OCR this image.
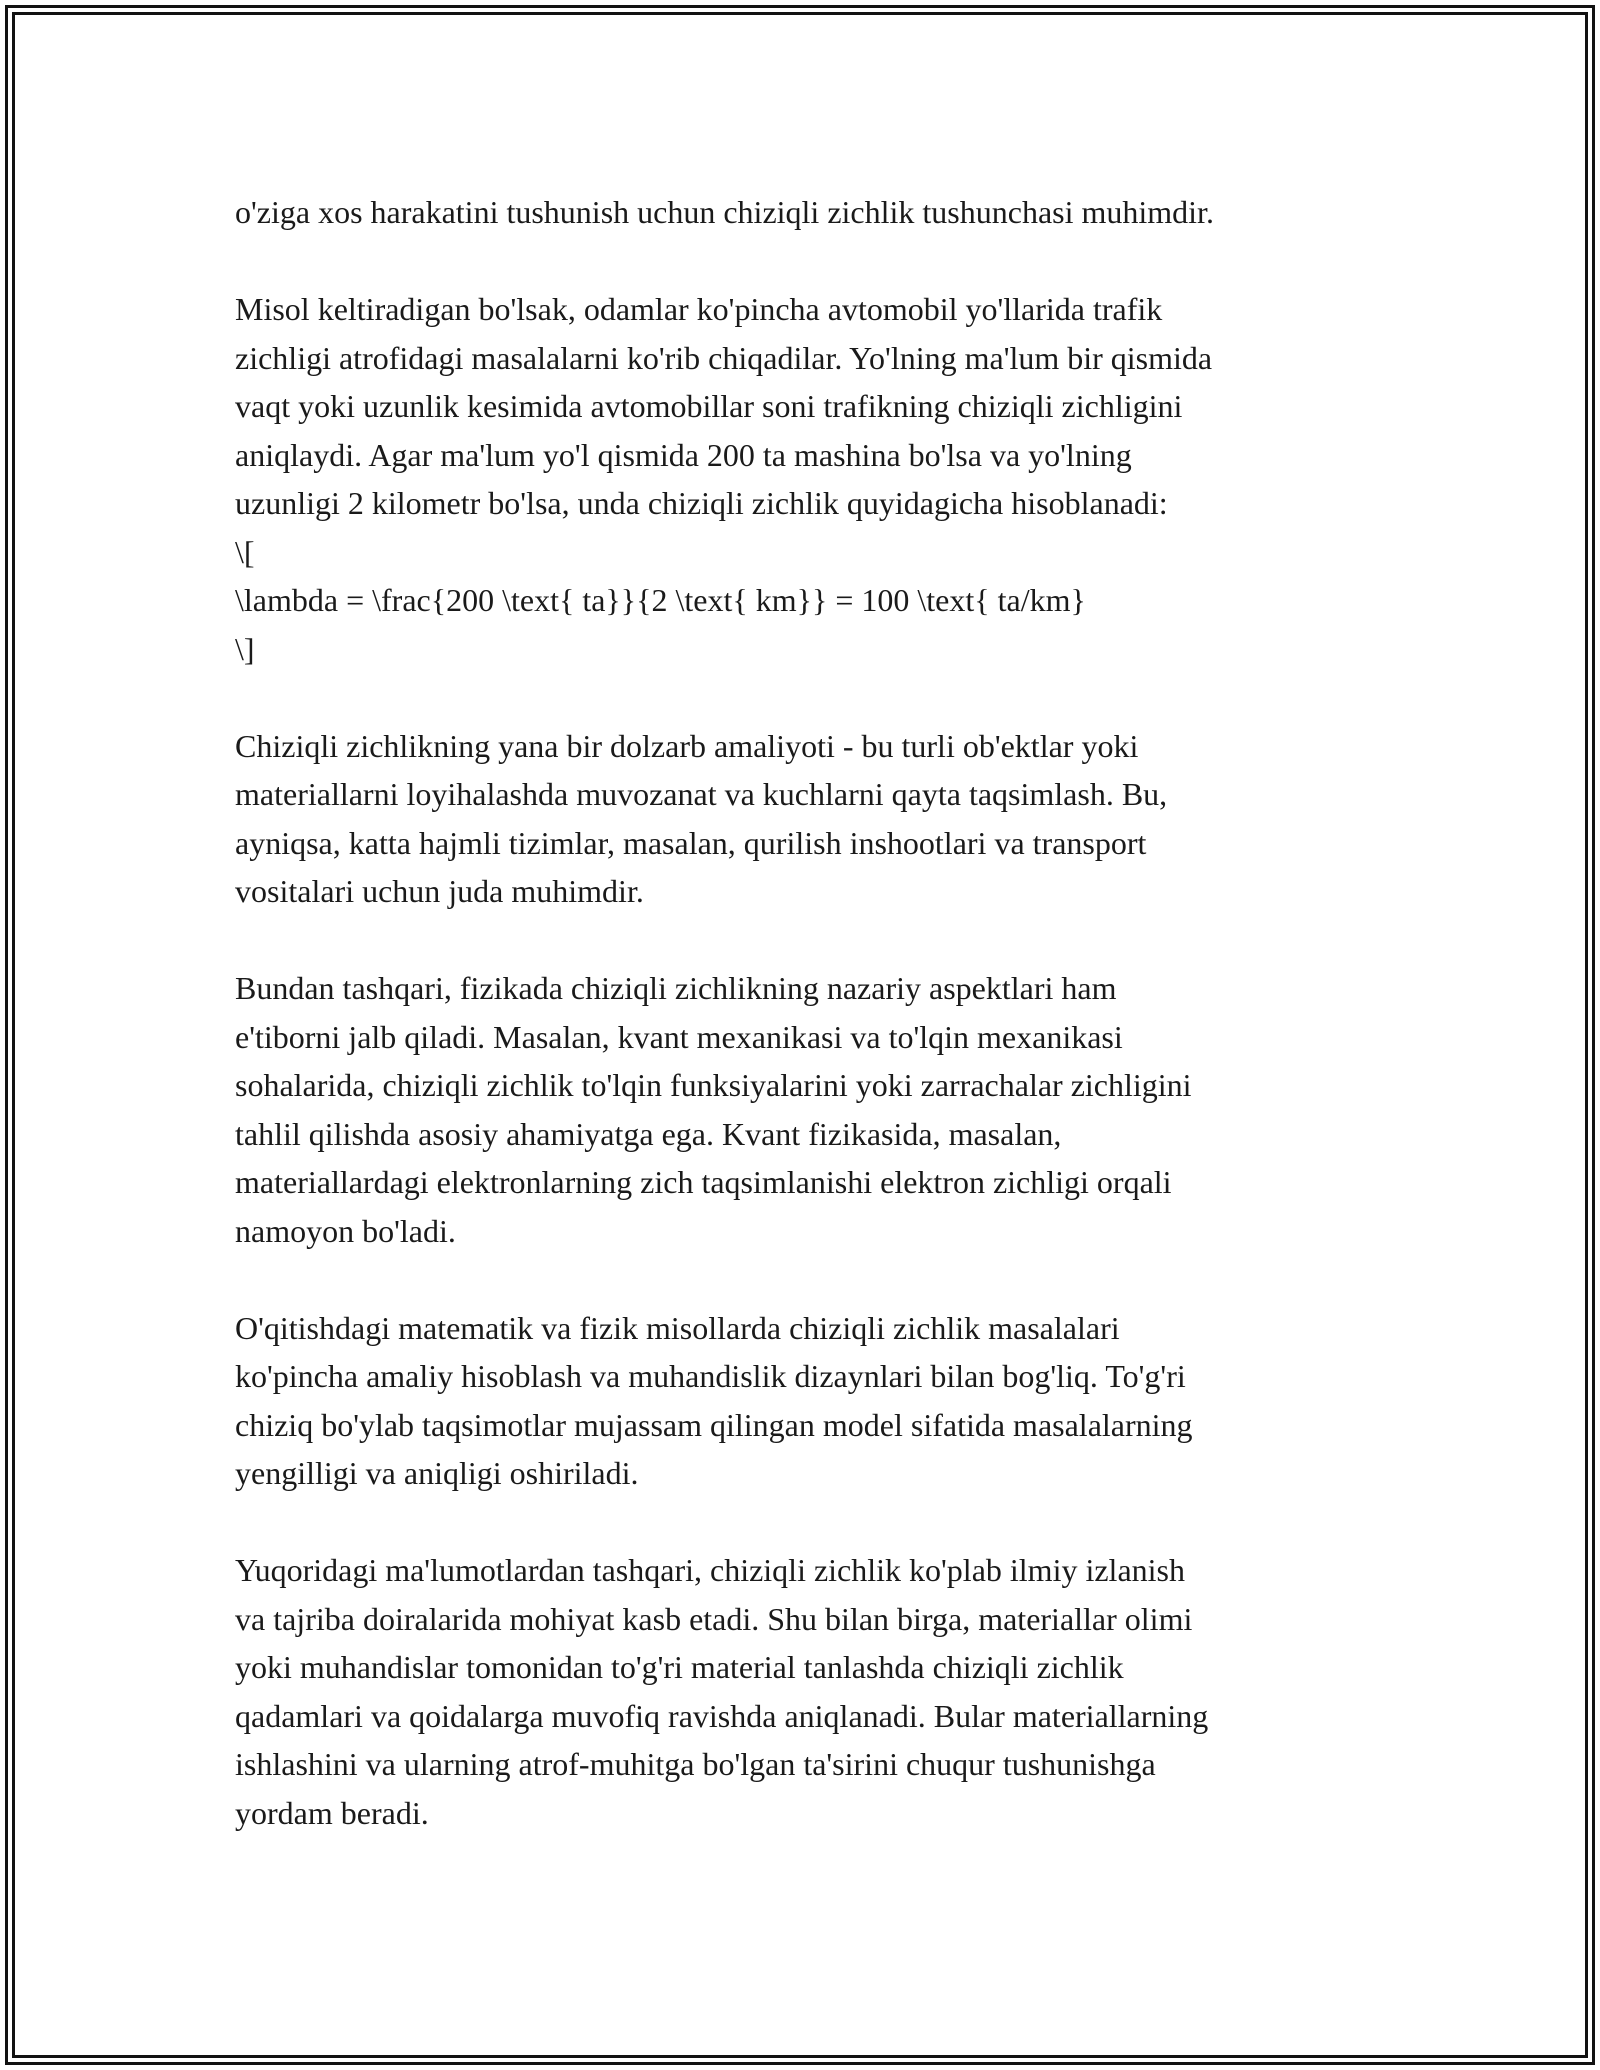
o'ziga xos harakatini tushunish uchun chiziqli zichlik tushunchasi muhimdir.

Misol keltiradigan bo'lsak, odamlar ko'pincha avtomobil yo'llarida trafik
zichligi atrofidagi masalalarni ko'rib chiqadilar. Yo'lning ma'lum bir qismida
vaqt yoki uzunlik kesimida avtomobillar soni trafikning chiziqli zichligini
aniqlaydi. Agar ma'lum yo'l qismida 200 ta mashina bo'lsa va yo'lning
uzunligi 2 kilometr bo'lsa, unda chiziqli zichlik quyidagicha hisoblanadi:
\[
\lambda = \frac{200 \text{ ta}}{2 \text{ km}} = 100 \text{ ta/km}
\]

Chiziqli zichlikning yana bir dolzarb amaliyoti - bu turli ob'ektlar yoki
materiallarni loyihalashda muvozanat va kuchlarni qayta taqsimlash. Bu,
ayniqsa, katta hajmli tizimlar, masalan, qurilish inshootlari va transport
vositalari uchun juda muhimdir.

Bundan tashqari, fizikada chiziqli zichlikning nazariy aspektlari ham
e'tiborni jalb qiladi. Masalan, kvant mexanikasi va to'lqin mexanikasi
sohalarida, chiziqli zichlik to'lqin funksiyalarini yoki zarrachalar zichligini
tahlil qilishda asosiy ahamiyatga ega. Kvant fizikasida, masalan,
materiallardagi elektronlarning zich taqsimlanishi elektron zichligi orqali
namoyon bo'ladi.

O'qitishdagi matematik va fizik misollarda chiziqli zichlik masalalari
ko'pincha amaliy hisoblash va muhandislik dizaynlari bilan bog'liq. To'g'ri
chiziq bo'ylab taqsimotlar mujassam qilingan model sifatida masalalarning
yengilligi va aniqligi oshiriladi.

Yuqoridagi ma'lumotlardan tashqari, chiziqli zichlik ko'plab ilmiy izlanish
va tajriba doiralarida mohiyat kasb etadi. Shu bilan birga, materiallar olimi
yoki muhandislar tomonidan to'g'ri material tanlashda chiziqli zichlik
qadamlari va qoidalarga muvofiq ravishda aniqlanadi. Bular materiallarning
ishlashini va ularning atrof-muhitga bo'lgan ta'sirini chuqur tushunishga
yordam beradi.
